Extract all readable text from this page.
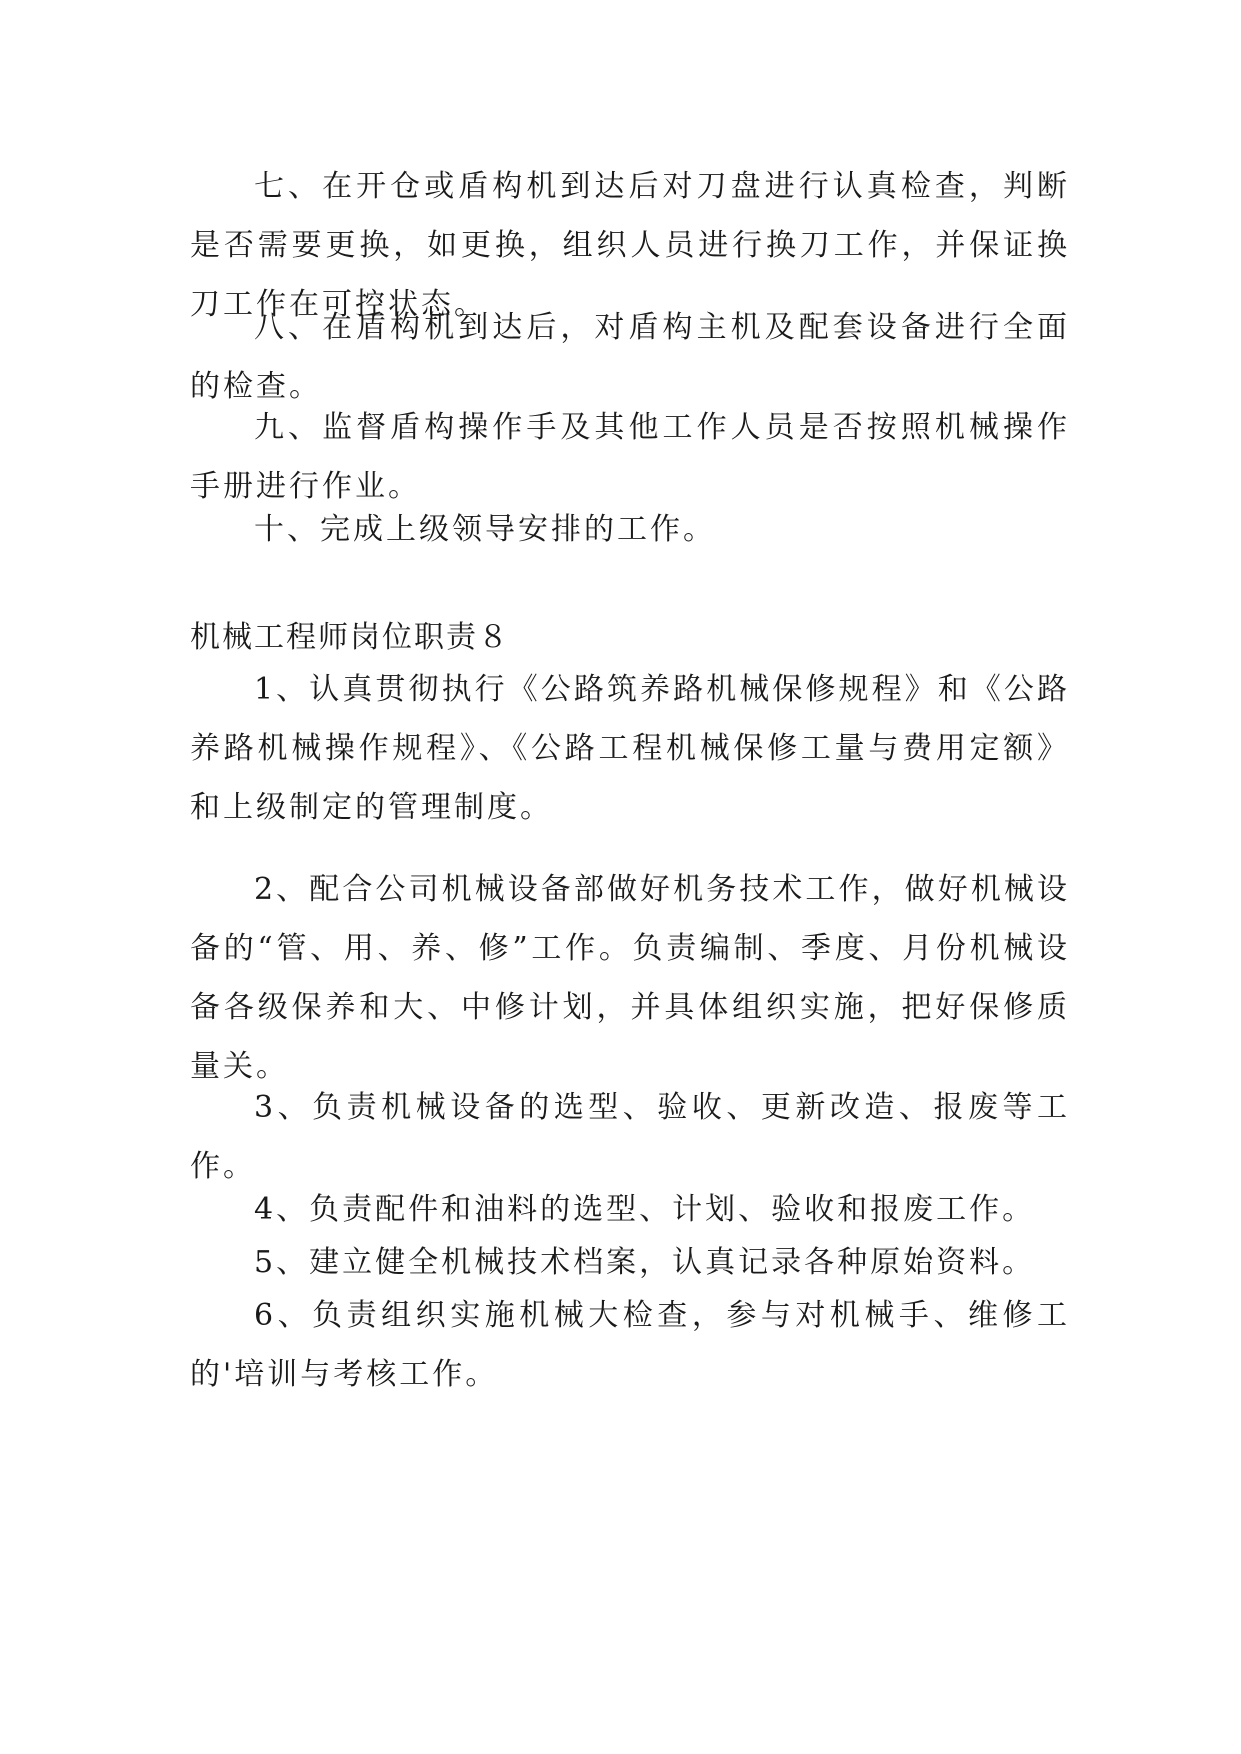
七、在开仓或盾构机到达后对刀盘进行认真检查，判断是否需要更换，如更换，组织人员进行换刀工作，并保证换刀工作在可控状态。

八、在盾构机到达后，对盾构主机及配套设备进行全面的检查。

九、监督盾构操作手及其他工作人员是否按照机械操作手册进行作业。

十、完成上级领导安排的工作。

机械工程师岗位职责８

1、认真贯彻执行《公路筑养路机械保修规程》和《公路养路机械操作规程》、《公路工程机械保修工量与费用定额》和上级制定的管理制度。

2、配合公司机械设备部做好机务技术工作，做好机械设备的“管、用、养、修”工作。负责编制、季度、月份机械设备各级保养和大、中修计划，并具体组织实施，把好保修质量关。

3、负责机械设备的选型、验收、更新改造、报废等工作。

4、负责配件和油料的选型、计划、验收和报废工作。

5、建立健全机械技术档案，认真记录各种原始资料。

6、负责组织实施机械大检查，参与对机械手、维修工的'培训与考核工作。
